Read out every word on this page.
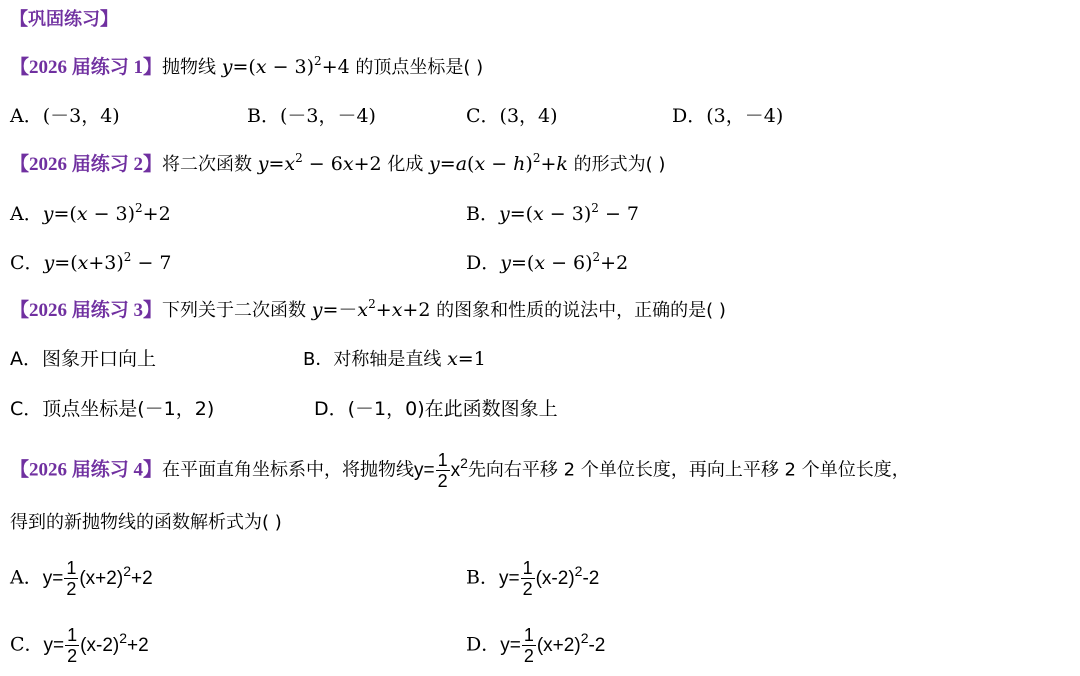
【巩固练习】
【2026 届练习 1】抛物线 $y=(x - 3)^2+4$ 的顶点坐标是( )
A．(－3，4)	B．(－3，－4)	C．(3，4)	D．(3，－4)
【2026 届练习 2】将二次函数 $y=x^2 - 6x+2$ 化成 $y=a(x - h)^2+k$ 的形式为( )
A．$y=(x - 3)^2+2$	B．$y=(x - 3)^2 - 7$
C．$y=(x+3)^2 - 7$	D．$y=(x - 6)^2+2$
【2026 届练习 3】下列关于二次函数 $y=-x^2+x+2$ 的图象和性质的说法中，正确的是( )
A．图象开口向上	B．对称轴是直线 x=1
C．顶点坐标是(－1，2)	D．(－1，0)在此函数图象上
【2026 届练习 4】在平面直角坐标系中，将抛物线$y= \frac{1}{2} x^2$先向右平移 2 个单位长度，再向上平移 2 个单位长度，
得到的新抛物线的函数解析式为( )
A．$y= \frac{1}{2} (x+2)^2+2$	B．$y= \frac{1}{2} (x-2)^2-2$
C．$y= \frac{1}{2} (x-2)^2+2$	D．$y= \frac{1}{2} (x+2)^2-2$
